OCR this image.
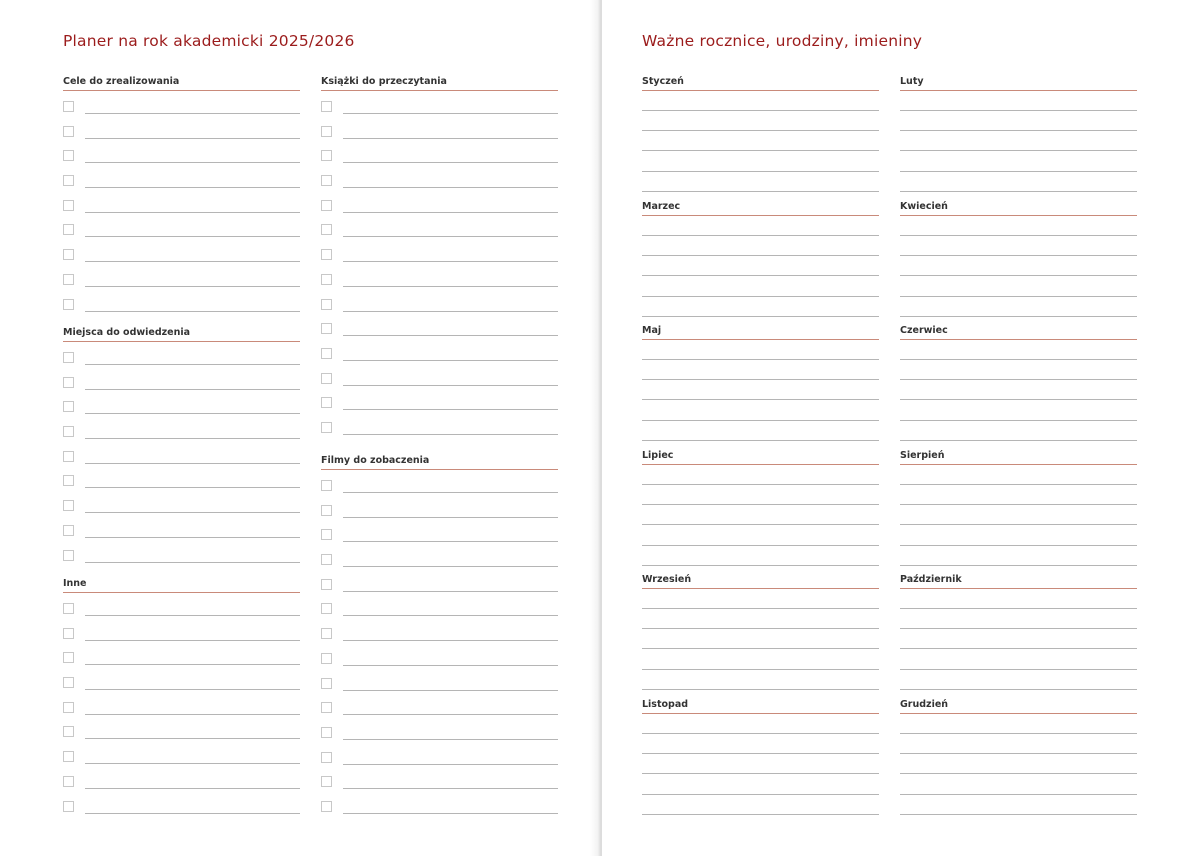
Planer na rok akademicki 2025/2026
Cele do zrealizowania
Miejsca do odwiedzenia
Inne
Książki do przeczytania
Filmy do zobaczenia
Ważne rocznice, urodziny, imieniny
Styczeń	Luty
Marzec	Kwiecień
Maj	Czerwiec
Lipiec	Sierpień
Wrzesień	Październik
Listopad	Grudzień
